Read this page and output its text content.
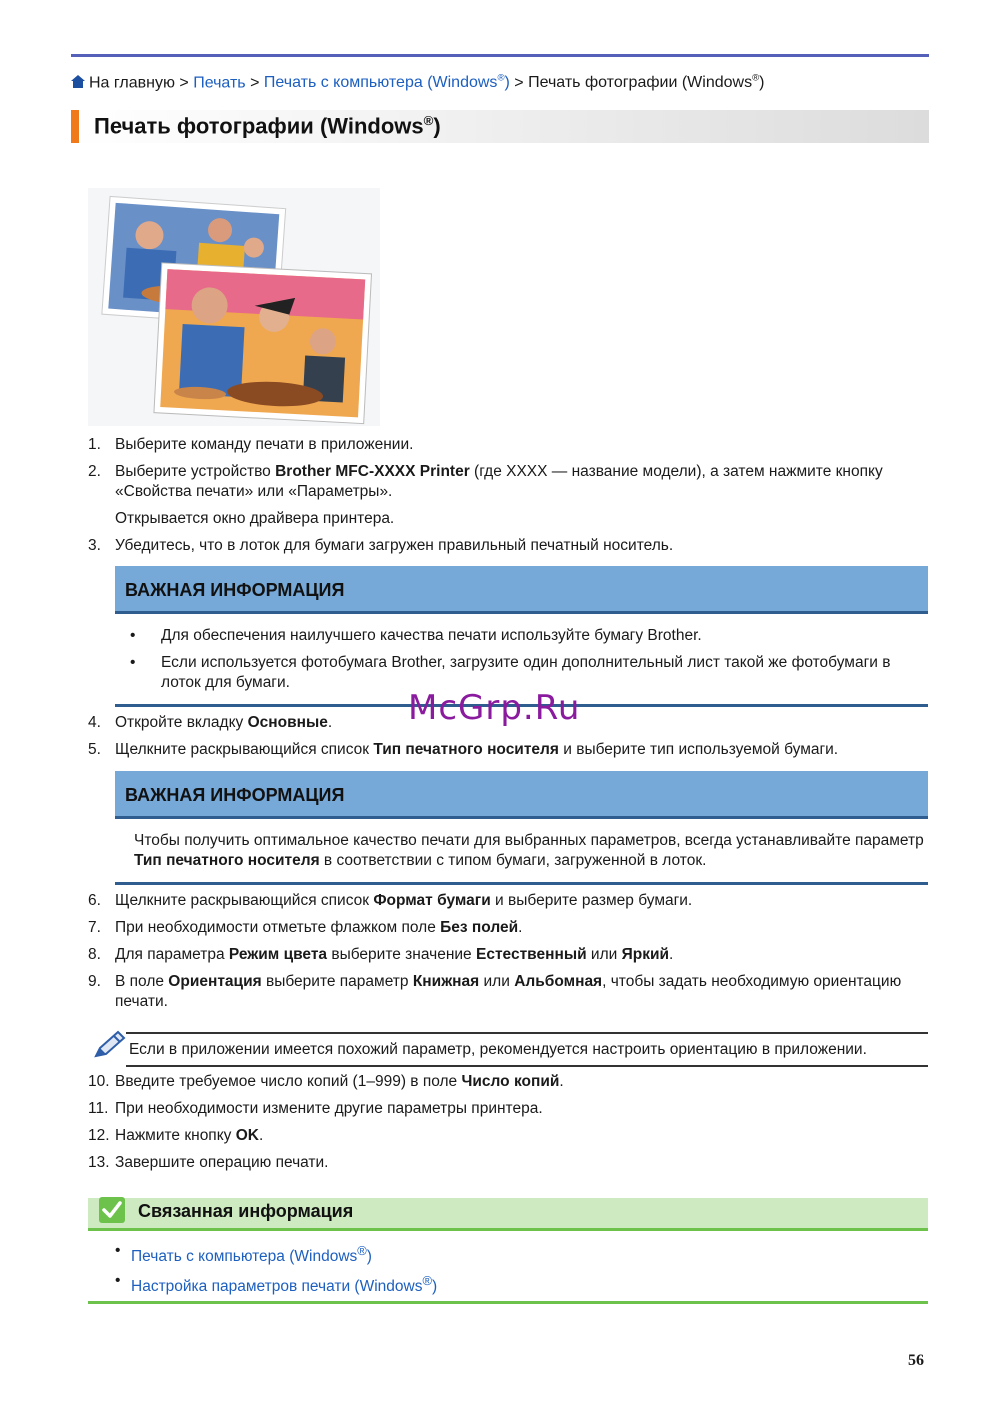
На главную > Печать > Печать с компьютера (Windows®) > Печать фотографии (Windows®)
Печать фотографии (Windows®)
1. Выберите команду печати в приложении.
2. Выберите устройство Brother MFC-XXXX Printer (где XXXX — название модели), а затем нажмите кнопку «Свойства печати» или «Параметры».
Открывается окно драйвера принтера.
3. Убедитесь, что в лоток для бумаги загружен правильный печатный носитель.
ВАЖНАЯ ИНФОРМАЦИЯ
• Для обеспечения наилучшего качества печати используйте бумагу Brother.
• Если используется фотобумага Brother, загрузите один дополнительный лист такой же фотобумаги в лоток для бумаги.
4. Откройте вкладку Основные.
5. Щелкните раскрывающийся список Тип печатного носителя и выберите тип используемой бумаги.
ВАЖНАЯ ИНФОРМАЦИЯ
Чтобы получить оптимальное качество печати для выбранных параметров, всегда устанавливайте параметр Тип печатного носителя в соответствии с типом бумаги, загруженной в лоток.
6. Щелкните раскрывающийся список Формат бумаги и выберите размер бумаги.
7. При необходимости отметьте флажком поле Без полей.
8. Для параметра Режим цвета выберите значение Естественный или Яркий.
9. В поле Ориентация выберите параметр Книжная или Альбомная, чтобы задать необходимую ориентацию печати.
Если в приложении имеется похожий параметр, рекомендуется настроить ориентацию в приложении.
10. Введите требуемое число копий (1–999) в поле Число копий.
11. При необходимости измените другие параметры принтера.
12. Нажмите кнопку OK.
13. Завершите операцию печати.
Связанная информация
• Печать с компьютера (Windows®)
• Настройка параметров печати (Windows®)
McGrp.Ru
56
